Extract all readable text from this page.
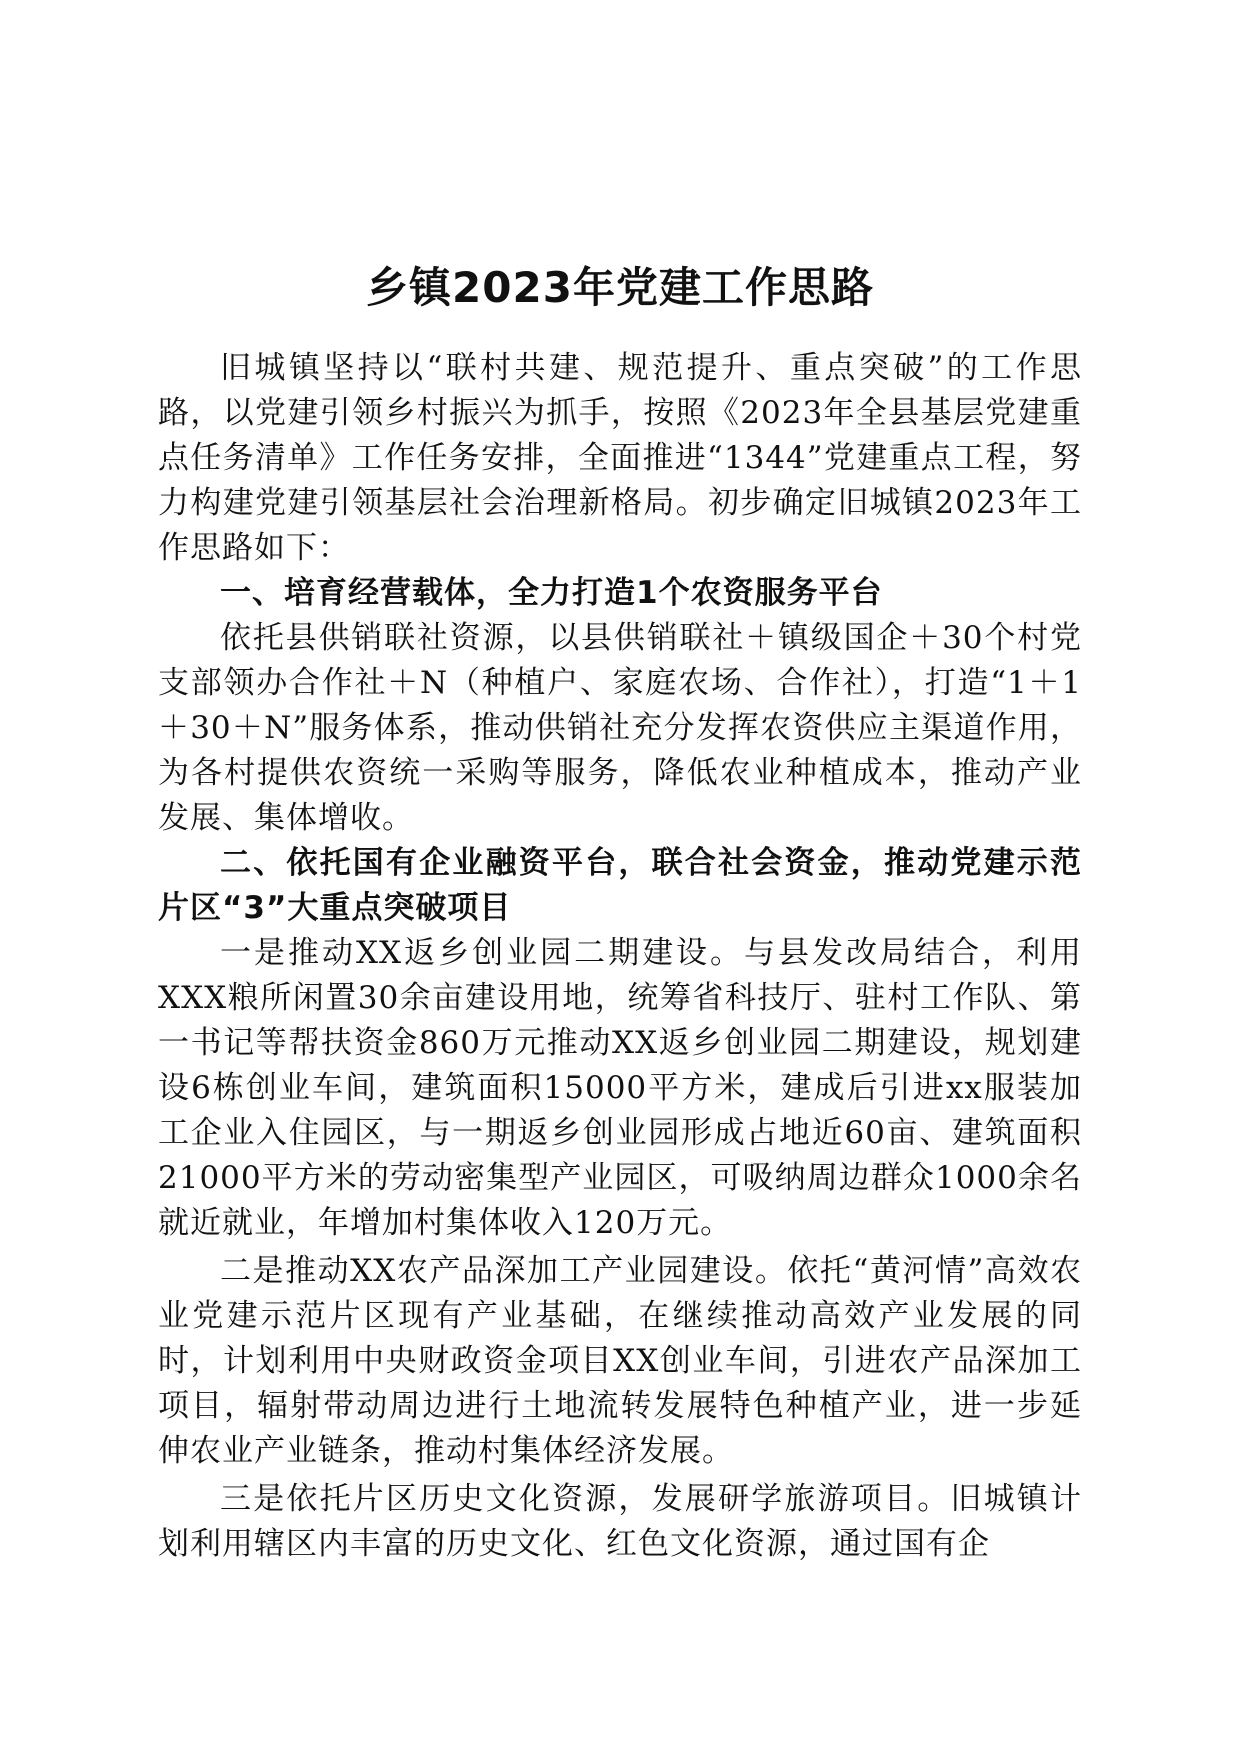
乡镇2023年党建工作思路

旧城镇坚持以“联村共建、规范提升、重点突破”的工作思路，以党建引领乡村振兴为抓手，按照《2023年全县基层党建重点任务清单》工作任务安排，全面推进“1344”党建重点工程，努力构建党建引领基层社会治理新格局。初步确定旧城镇2023年工作思路如下：

一、培育经营载体，全力打造1个农资服务平台

依托县供销联社资源，以县供销联社＋镇级国企＋30个村党支部领办合作社＋N（种植户、家庭农场、合作社），打造“1＋1＋30＋N”服务体系，推动供销社充分发挥农资供应主渠道作用，为各村提供农资统一采购等服务，降低农业种植成本，推动产业发展、集体增收。

二、依托国有企业融资平台，联合社会资金，推动党建示范片区“3”大重点突破项目

一是推动XX返乡创业园二期建设。与县发改局结合，利用XXX粮所闲置30余亩建设用地，统筹省科技厅、驻村工作队、第一书记等帮扶资金860万元推动XX返乡创业园二期建设，规划建设6栋创业车间，建筑面积15000平方米，建成后引进xx服装加工企业入住园区，与一期返乡创业园形成占地近60亩、建筑面积21000平方米的劳动密集型产业园区，可吸纳周边群众1000余名就近就业，年增加村集体收入120万元。

二是推动XX农产品深加工产业园建设。依托“黄河情”高效农业党建示范片区现有产业基础，在继续推动高效产业发展的同时，计划利用中央财政资金项目XX创业车间，引进农产品深加工项目，辐射带动周边进行土地流转发展特色种植产业，进一步延伸农业产业链条，推动村集体经济发展。

三是依托片区历史文化资源，发展研学旅游项目。旧城镇计划利用辖区内丰富的历史文化、红色文化资源，通过国有企
